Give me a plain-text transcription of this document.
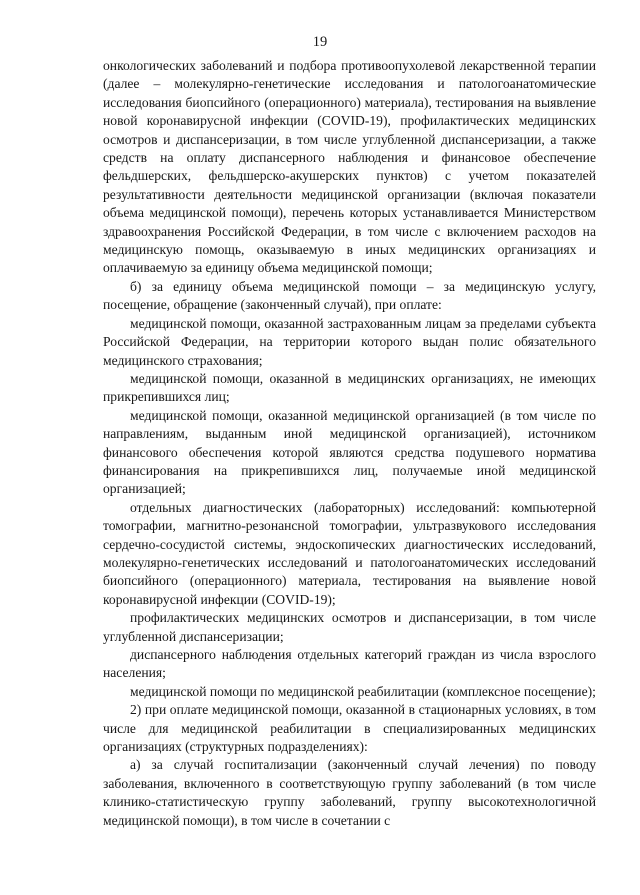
19

онкологических заболеваний и подбора противоопухолевой лекарственной терапии (далее – молекулярно-генетические исследования и патологоанатомические исследования биопсийного (операционного) материала), тестирования на выявление новой коронавирусной инфекции (COVID-19), профилактических медицинских осмотров и диспансеризации, в том числе углубленной диспансеризации, а также средств на оплату диспансерного наблюдения и финансовое обеспечение фельдшерских, фельдшерско-акушерских пунктов) с учетом показателей результативности деятельности медицинской организации (включая показатели объема медицинской помощи), перечень которых устанавливается Министерством здравоохранения Российской Федерации, в том числе с включением расходов на медицинскую помощь, оказываемую в иных медицинских организациях и оплачиваемую за единицу объема медицинской помощи;

б) за единицу объема медицинской помощи – за медицинскую услугу, посещение, обращение (законченный случай), при оплате:

медицинской помощи, оказанной застрахованным лицам за пределами субъекта Российской Федерации, на территории которого выдан полис обязательного медицинского страхования;

медицинской помощи, оказанной в медицинских организациях, не имеющих прикрепившихся лиц;

медицинской помощи, оказанной медицинской организацией (в том числе по направлениям, выданным иной медицинской организацией), источником финансового обеспечения которой являются средства подушевого норматива финансирования на прикрепившихся лиц, получаемые иной медицинской организацией;

отдельных диагностических (лабораторных) исследований: компьютерной томографии, магнитно-резонансной томографии, ультразвукового исследования сердечно-сосудистой системы, эндоскопических диагностических исследований, молекулярно-генетических исследований и патологоанатомических исследований биопсийного (операционного) материала, тестирования на выявление новой коронавирусной инфекции (COVID-19);

профилактических медицинских осмотров и диспансеризации, в том числе углубленной диспансеризации;

диспансерного наблюдения отдельных категорий граждан из числа взрослого населения;

медицинской помощи по медицинской реабилитации (комплексное посещение);

2) при оплате медицинской помощи, оказанной в стационарных условиях, в том числе для медицинской реабилитации в специализированных медицинских организациях (структурных подразделениях):

а) за случай госпитализации (законченный случай лечения) по поводу заболевания, включенного в соответствующую группу заболеваний (в том числе клинико-статистическую группу заболеваний, группу высокотехнологичной медицинской помощи), в том числе в сочетании с
